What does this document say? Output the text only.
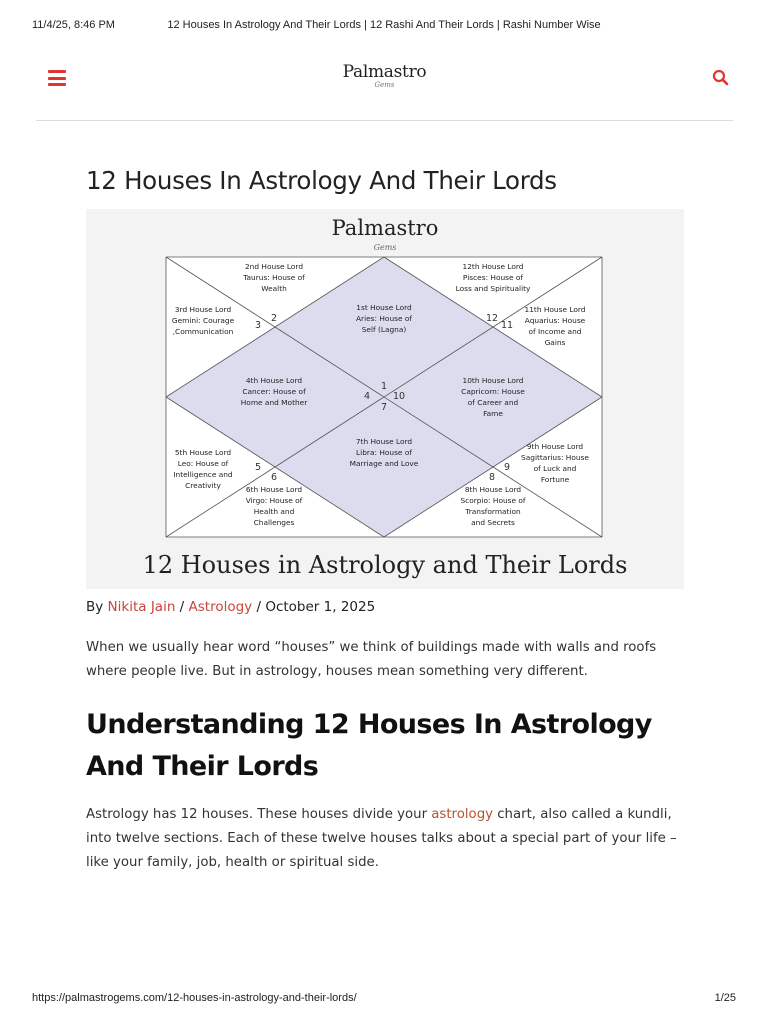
11/4/25, 8:46 PM	12 Houses In Astrology And Their Lords | 12 Rashi And Their Lords | Rashi Number Wise
Palmastro
Gems
12 Houses In Astrology And Their Lords
Palmastro
Gems
1st House Lord
Aries: House of
Self (Lagna)
1
2nd House Lord
Taurus: House of
Wealth
2
3rd House Lord
Gemini: Courage
,Communication
3
4th House Lord
Cancer: House of
Home and Mother
4
5th House Lord
Leo: House of
Intelligence and
Creativity
5
6th House Lord
Virgo: House of
Health and
Challenges
6
7th House Lord
Libra: House of
Marriage and Love
7
8th House Lord
Scorpio: House of
Transformation
and Secrets
8
9th House Lord
Sagittarius: House
of Luck and
Fortune
9
10th House Lord
Capricorn: House
of Career and
Fame
10
11th House Lord
Aquarius: House
of Income and
Gains
11
12th House Lord
Pisces: House of
Loss and Spirituality
12
12 Houses in Astrology and Their Lords
By Nikita Jain / Astrology / October 1, 2025

When we usually hear word “houses” we think of buildings made with walls and roofs where people live. But in astrology, houses mean something very different.

Understanding 12 Houses In Astrology And Their Lords

Astrology has 12 houses. These houses divide your astrology chart, also called a kundli, into twelve sections. Each of these twelve houses talks about a special part of your life – like your family, job, health or spiritual side.

https://palmastrogems.com/12-houses-in-astrology-and-their-lords/	1/25
